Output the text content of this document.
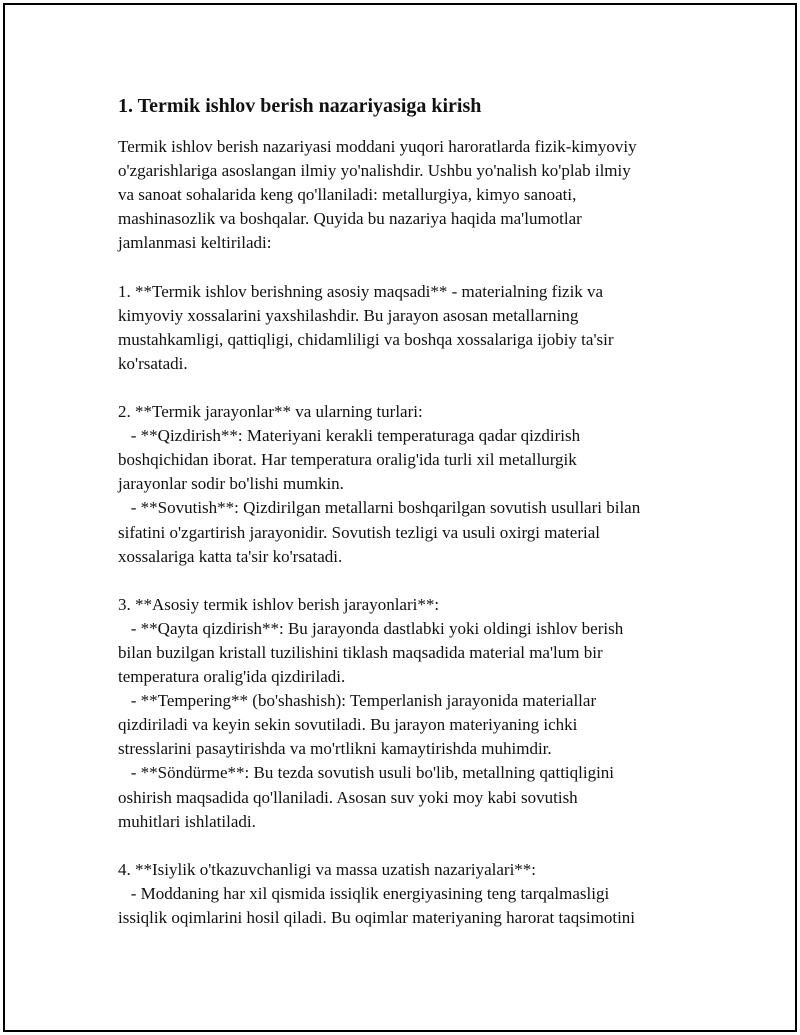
1. Termik ishlov berish nazariyasiga kirish
Termik ishlov berish nazariyasi moddani yuqori haroratlarda fizik-kimyoviy
o'zgarishlariga asoslangan ilmiy yo'nalishdir. Ushbu yo'nalish ko'plab ilmiy
va sanoat sohalarida keng qo'llaniladi: metallurgiya, kimyo sanoati,
mashinasozlik va boshqalar. Quyida bu nazariya haqida ma'lumotlar
jamlanmasi keltiriladi:
1. **Termik ishlov berishning asosiy maqsadi** - materialning fizik va
kimyoviy xossalarini yaxshilashdir. Bu jarayon asosan metallarning
mustahkamligi, qattiqligi, chidamliligi va boshqa xossalariga ijobiy ta'sir
ko'rsatadi.
2. **Termik jarayonlar** va ularning turlari:
- **Qizdirish**: Materiyani kerakli temperaturaga qadar qizdirish
boshqichidan iborat. Har temperatura oralig'ida turli xil metallurgik
jarayonlar sodir bo'lishi mumkin.
- **Sovutish**: Qizdirilgan metallarni boshqarilgan sovutish usullari bilan
sifatini o'zgartirish jarayonidir. Sovutish tezligi va usuli oxirgi material
xossalariga katta ta'sir ko'rsatadi.
3. **Asosiy termik ishlov berish jarayonlari**:
- **Qayta qizdirish**: Bu jarayonda dastlabki yoki oldingi ishlov berish
bilan buzilgan kristall tuzilishini tiklash maqsadida material ma'lum bir
temperatura oralig'ida qizdiriladi.
- **Tempering** (bo'shashish): Temperlanish jarayonida materiallar
qizdiriladi va keyin sekin sovutiladi. Bu jarayon materiyaning ichki
stresslarini pasaytirishda va mo'rtlikni kamaytirishda muhimdir.
- **Söndürme**: Bu tezda sovutish usuli bo'lib, metallning qattiqligini
oshirish maqsadida qo'llaniladi. Asosan suv yoki moy kabi sovutish
muhitlari ishlatiladi.
4. **Isiylik o'tkazuvchanligi va massa uzatish nazariyalari**:
- Moddaning har xil qismida issiqlik energiyasining teng tarqalmasligi
issiqlik oqimlarini hosil qiladi. Bu oqimlar materiyaning harorat taqsimotini
